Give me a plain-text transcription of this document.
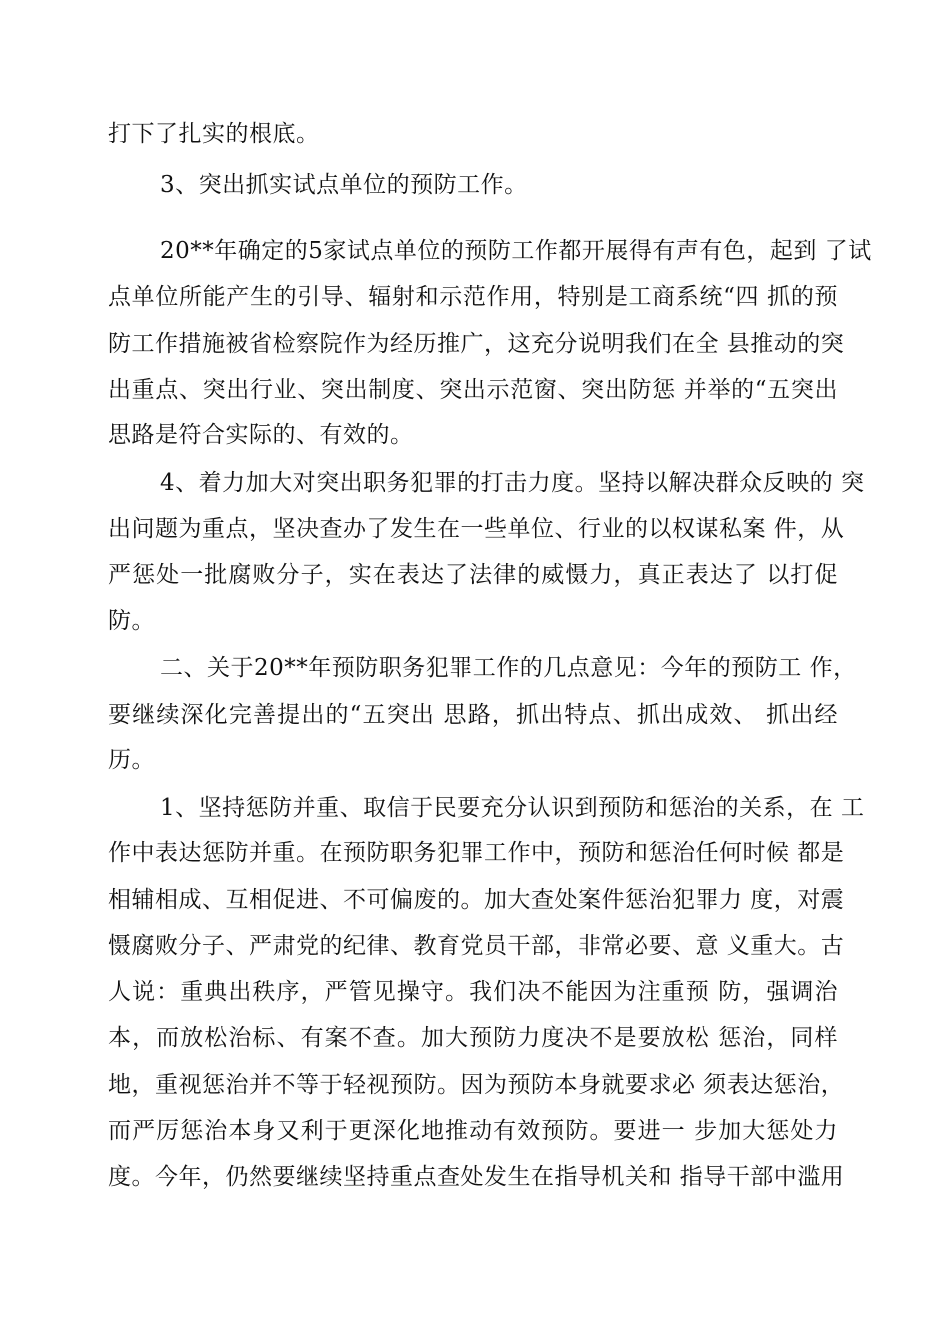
打下了扎实的根底。
3、突出抓实试点单位的预防工作。
20**年确定的5家试点单位的预防工作都开展得有声有色，起到 了试
点单位所能产生的引导、辐射和示范作用，特别是工商系统“四 抓的预
防工作措施被省检察院作为经历推广，这充分说明我们在全 县推动的突
出重点、突出行业、突出制度、突出示范窗、突出防惩 并举的“五突出
思路是符合实际的、有效的。
4、着力加大对突出职务犯罪的打击力度。坚持以解决群众反映的 突
出问题为重点，坚决查办了发生在一些单位、行业的以权谋私案 件，从
严惩处一批腐败分子，实在表达了法律的威慑力，真正表达了 以打促
防。
二、关于20**年预防职务犯罪工作的几点意见：今年的预防工 作，
要继续深化完善提出的“五突出 思路，抓出特点、抓出成效、 抓出经
历。
1、坚持惩防并重、取信于民要充分认识到预防和惩治的关系，在 工
作中表达惩防并重。在预防职务犯罪工作中，预防和惩治任何时候 都是
相辅相成、互相促进、不可偏废的。加大查处案件惩治犯罪力 度，对震
慑腐败分子、严肃党的纪律、教育党员干部，非常必要、意 义重大。古
人说：重典出秩序，严管见操守。我们决不能因为注重预 防，强调治
本，而放松治标、有案不查。加大预防力度决不是要放松 惩治，同样
地，重视惩治并不等于轻视预防。因为预防本身就要求必 须表达惩治，
而严厉惩治本身又利于更深化地推动有效预防。要进一 步加大惩处力
度。今年，仍然要继续坚持重点查处发生在指导机关和 指导干部中滥用
